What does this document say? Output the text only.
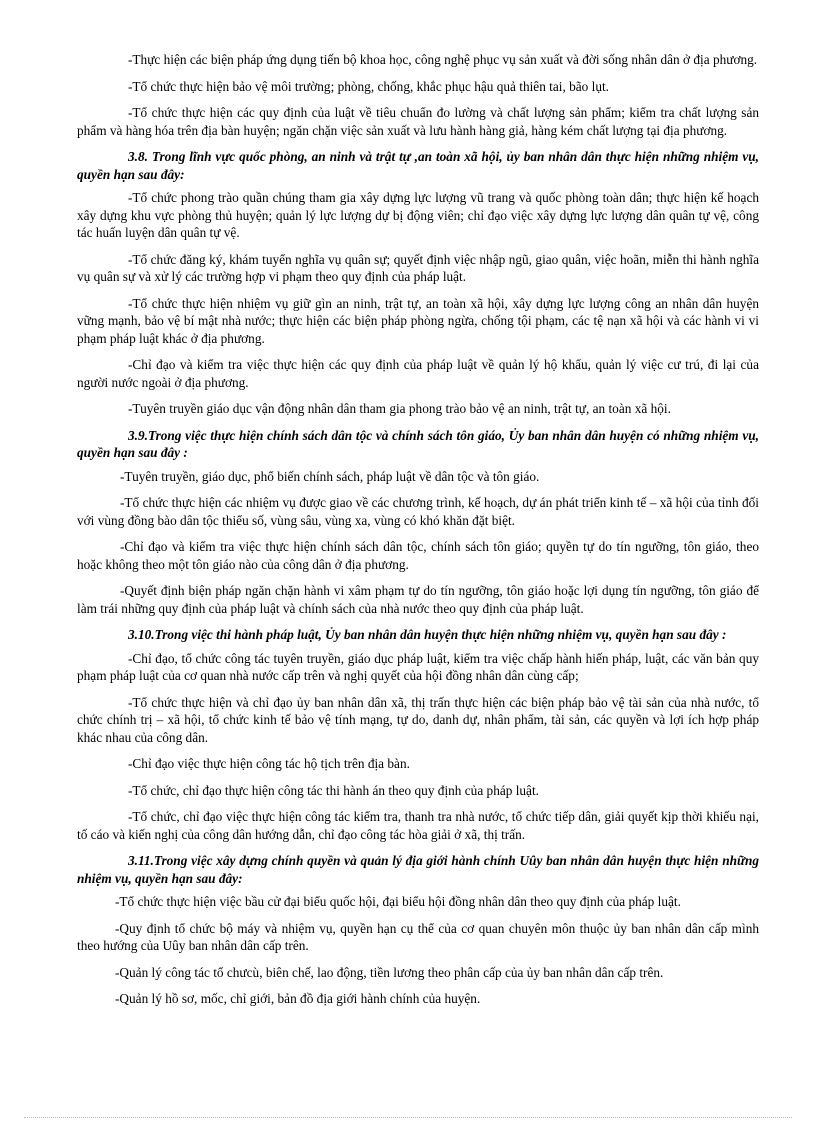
-Thực hiện các biện pháp ứng dụng tiến bộ khoa học, công nghệ phục vụ sản xuất và đời sống nhân dân ở địa phương.

-Tổ chức thực hiện bảo vệ môi trường; phòng, chống, khắc phục hậu quả thiên tai, bão lụt.

-Tổ chức thực hiện các quy định của luật về tiêu chuẩn đo lường và chất lượng sản phẩm; kiểm tra chất lượng sản phẩm và hàng hóa trên địa bàn huyện; ngăn chặn việc sản xuất và lưu hành hàng giả, hàng kém chất lượng tại địa phương.

3.8. Trong lĩnh vực quốc phòng, an ninh và trật tự ,an toàn xã hội, ủy ban nhân dân thực hiện những nhiệm vụ, quyền hạn sau đây:

-Tổ chức phong trào quần chúng tham gia xây dựng lực lượng vũ trang và quốc phòng toàn dân; thực hiện kế hoạch xây dựng khu vực phòng thủ huyện; quản lý lực lượng dự bị động viên; chỉ đạo việc xây dựng lực lượng dân quân tự vệ, công tác huấn luyện dân quân tự vệ.

-Tổ chức đăng ký, khám tuyển nghĩa vụ quân sự; quyết định việc nhập ngũ, giao quân, việc hoãn, miễn thi hành nghĩa vụ quân sự và xử lý các trường hợp vi phạm theo quy định của pháp luật.

-Tổ chức thực hiện nhiệm vụ giữ gìn an ninh, trật tự, an toàn xã hội, xây dựng lực lượng công an nhân dân huyện vững mạnh, bảo vệ bí mật nhà nước; thực hiện các biện pháp phòng ngừa, chống tội phạm, các tệ nạn xã hội và các hành vi vi phạm pháp luật khác ở địa phương.

-Chỉ đạo và kiểm tra việc thực hiện các quy định của pháp luật về quản lý hộ khẩu, quản lý việc cư trú, đi lại của người nước ngoài ở địa phương.

-Tuyên truyền giáo dục vận động nhân dân tham gia phong trào bảo vệ an ninh, trật tự, an toàn xã hội.

3.9.Trong việc thực hiện chính sách dân tộc và chính sách tôn giáo, Ủy ban nhân dân huyện có những nhiệm vụ, quyền hạn sau đây :

-Tuyên truyền, giáo dục, phổ biến chính sách, pháp luật về dân tộc và tôn giáo.

-Tổ chức thực hiện các nhiệm vụ được giao về các chương trình, kế hoạch, dự án phát triển kinh tế – xã hội của tỉnh đối với vùng đồng bào dân tộc thiểu số, vùng sâu, vùng xa, vùng có khó khăn đặt biệt.

-Chỉ đạo và kiểm tra việc thực hiện chính sách dân tộc, chính sách tôn giáo; quyền tự do tín ngưỡng, tôn giáo, theo hoặc không theo một tôn giáo nào của công dân ở địa phương.

-Quyết định biện pháp ngăn chặn hành vi xâm phạm tự do tín ngưỡng, tôn giáo hoặc lợi dụng tín ngưỡng, tôn giáo để làm trái những quy định của pháp luật và chính sách của nhà nước theo quy định của pháp luật.

3.10.Trong việc thi hành pháp luật, Ủy ban nhân dân huyện thực hiện những nhiệm vụ, quyền hạn sau đây :

-Chỉ đạo, tổ chức công tác tuyên truyền, giáo dục pháp luật, kiểm tra việc chấp hành hiến pháp, luật, các văn bản quy phạm pháp luật của cơ quan nhà nước cấp trên và nghị quyết của hội đồng nhân dân cùng cấp;

-Tổ chức thực hiện và chỉ đạo ủy ban nhân dân xã, thị trấn thực hiện các biện pháp bảo vệ tài sản của nhà nước, tổ chức chính trị – xã hội, tổ chức kinh tế bảo vệ tính mạng, tự do, danh dự, nhân phẩm, tài sản, các quyền và lợi ích hợp pháp khác nhau của công dân.

-Chỉ đạo việc thực hiện công tác hộ tịch trên địa bàn.

-Tổ chức, chỉ đạo thực hiện công tác thi hành án theo quy định của pháp luật.

-Tổ chức, chỉ đạo việc thực hiện công tác kiểm tra, thanh tra nhà nước, tổ chức tiếp dân, giải quyết kịp thời khiếu nại, tố cáo và kiến nghị của công dân hướng dẫn, chỉ đạo công tác hòa giải ở xã, thị trấn.

3.11.Trong việc xây dựng chính quyền và quản lý địa giới hành chính Uûy ban nhân dân huyện thực hiện những nhiệm vụ, quyền hạn sau đây:

-Tổ chức thực hiện việc bầu cử đại biểu quốc hội, đại biểu hội đồng nhân dân theo quy định của pháp luật.

-Quy định tổ chức bộ máy và nhiệm vụ, quyền hạn cụ thể của cơ quan chuyên môn thuộc ủy ban nhân dân cấp mình theo hướng của Uûy ban nhân dân cấp trên.

-Quản lý công tác tổ chưcù, biên chế, lao động, tiền lương theo phân cấp của ủy ban nhân dân cấp trên.

-Quản lý hồ sơ, mốc, chỉ giới, bản đồ địa giới hành chính của huyện.
